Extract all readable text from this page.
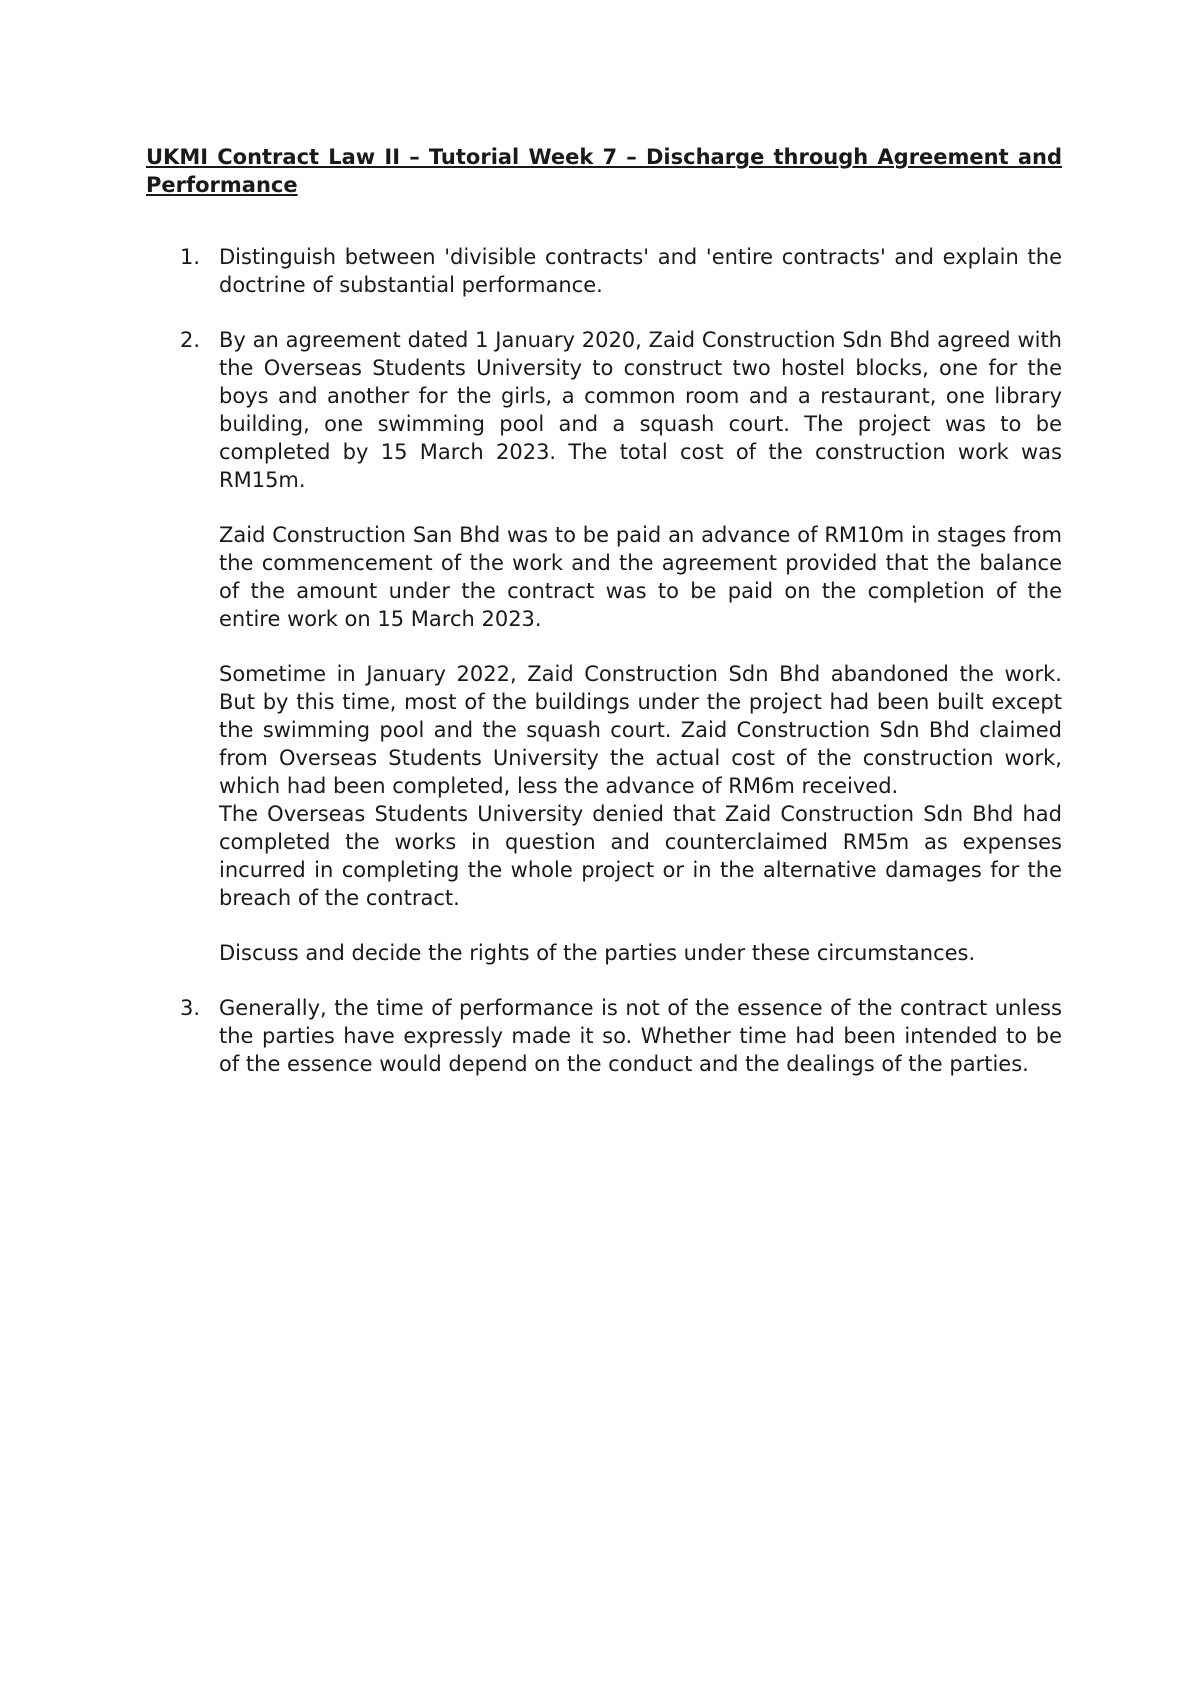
UKMI Contract Law II – Tutorial Week 7 – Discharge through Agreement and Performance
1. Distinguish between 'divisible contracts' and 'entire contracts' and explain the doctrine of substantial performance.

2. By an agreement dated 1 January 2020, Zaid Construction Sdn Bhd agreed with the Overseas Students University to construct two hostel blocks, one for the boys and another for the girls, a common room and a restaurant, one library building, one swimming pool and a squash court. The project was to be completed by 15 March 2023. The total cost of the construction work was RM15m.

Zaid Construction San Bhd was to be paid an advance of RM10m in stages from the commencement of the work and the agreement provided that the balance of the amount under the contract was to be paid on the completion of the entire work on 15 March 2023.

Sometime in January 2022, Zaid Construction Sdn Bhd abandoned the work. But by this time, most of the buildings under the project had been built except the swimming pool and the squash court. Zaid Construction Sdn Bhd claimed from Overseas Students University the actual cost of the construction work, which had been completed, less the advance of RM6m received.

The Overseas Students University denied that Zaid Construction Sdn Bhd had completed the works in question and counterclaimed RM5m as expenses incurred in completing the whole project or in the alternative damages for the breach of the contract.

Discuss and decide the rights of the parties under these circumstances.

3. Generally, the time of performance is not of the essence of the contract unless the parties have expressly made it so. Whether time had been intended to be of the essence would depend on the conduct and the dealings of the parties.
